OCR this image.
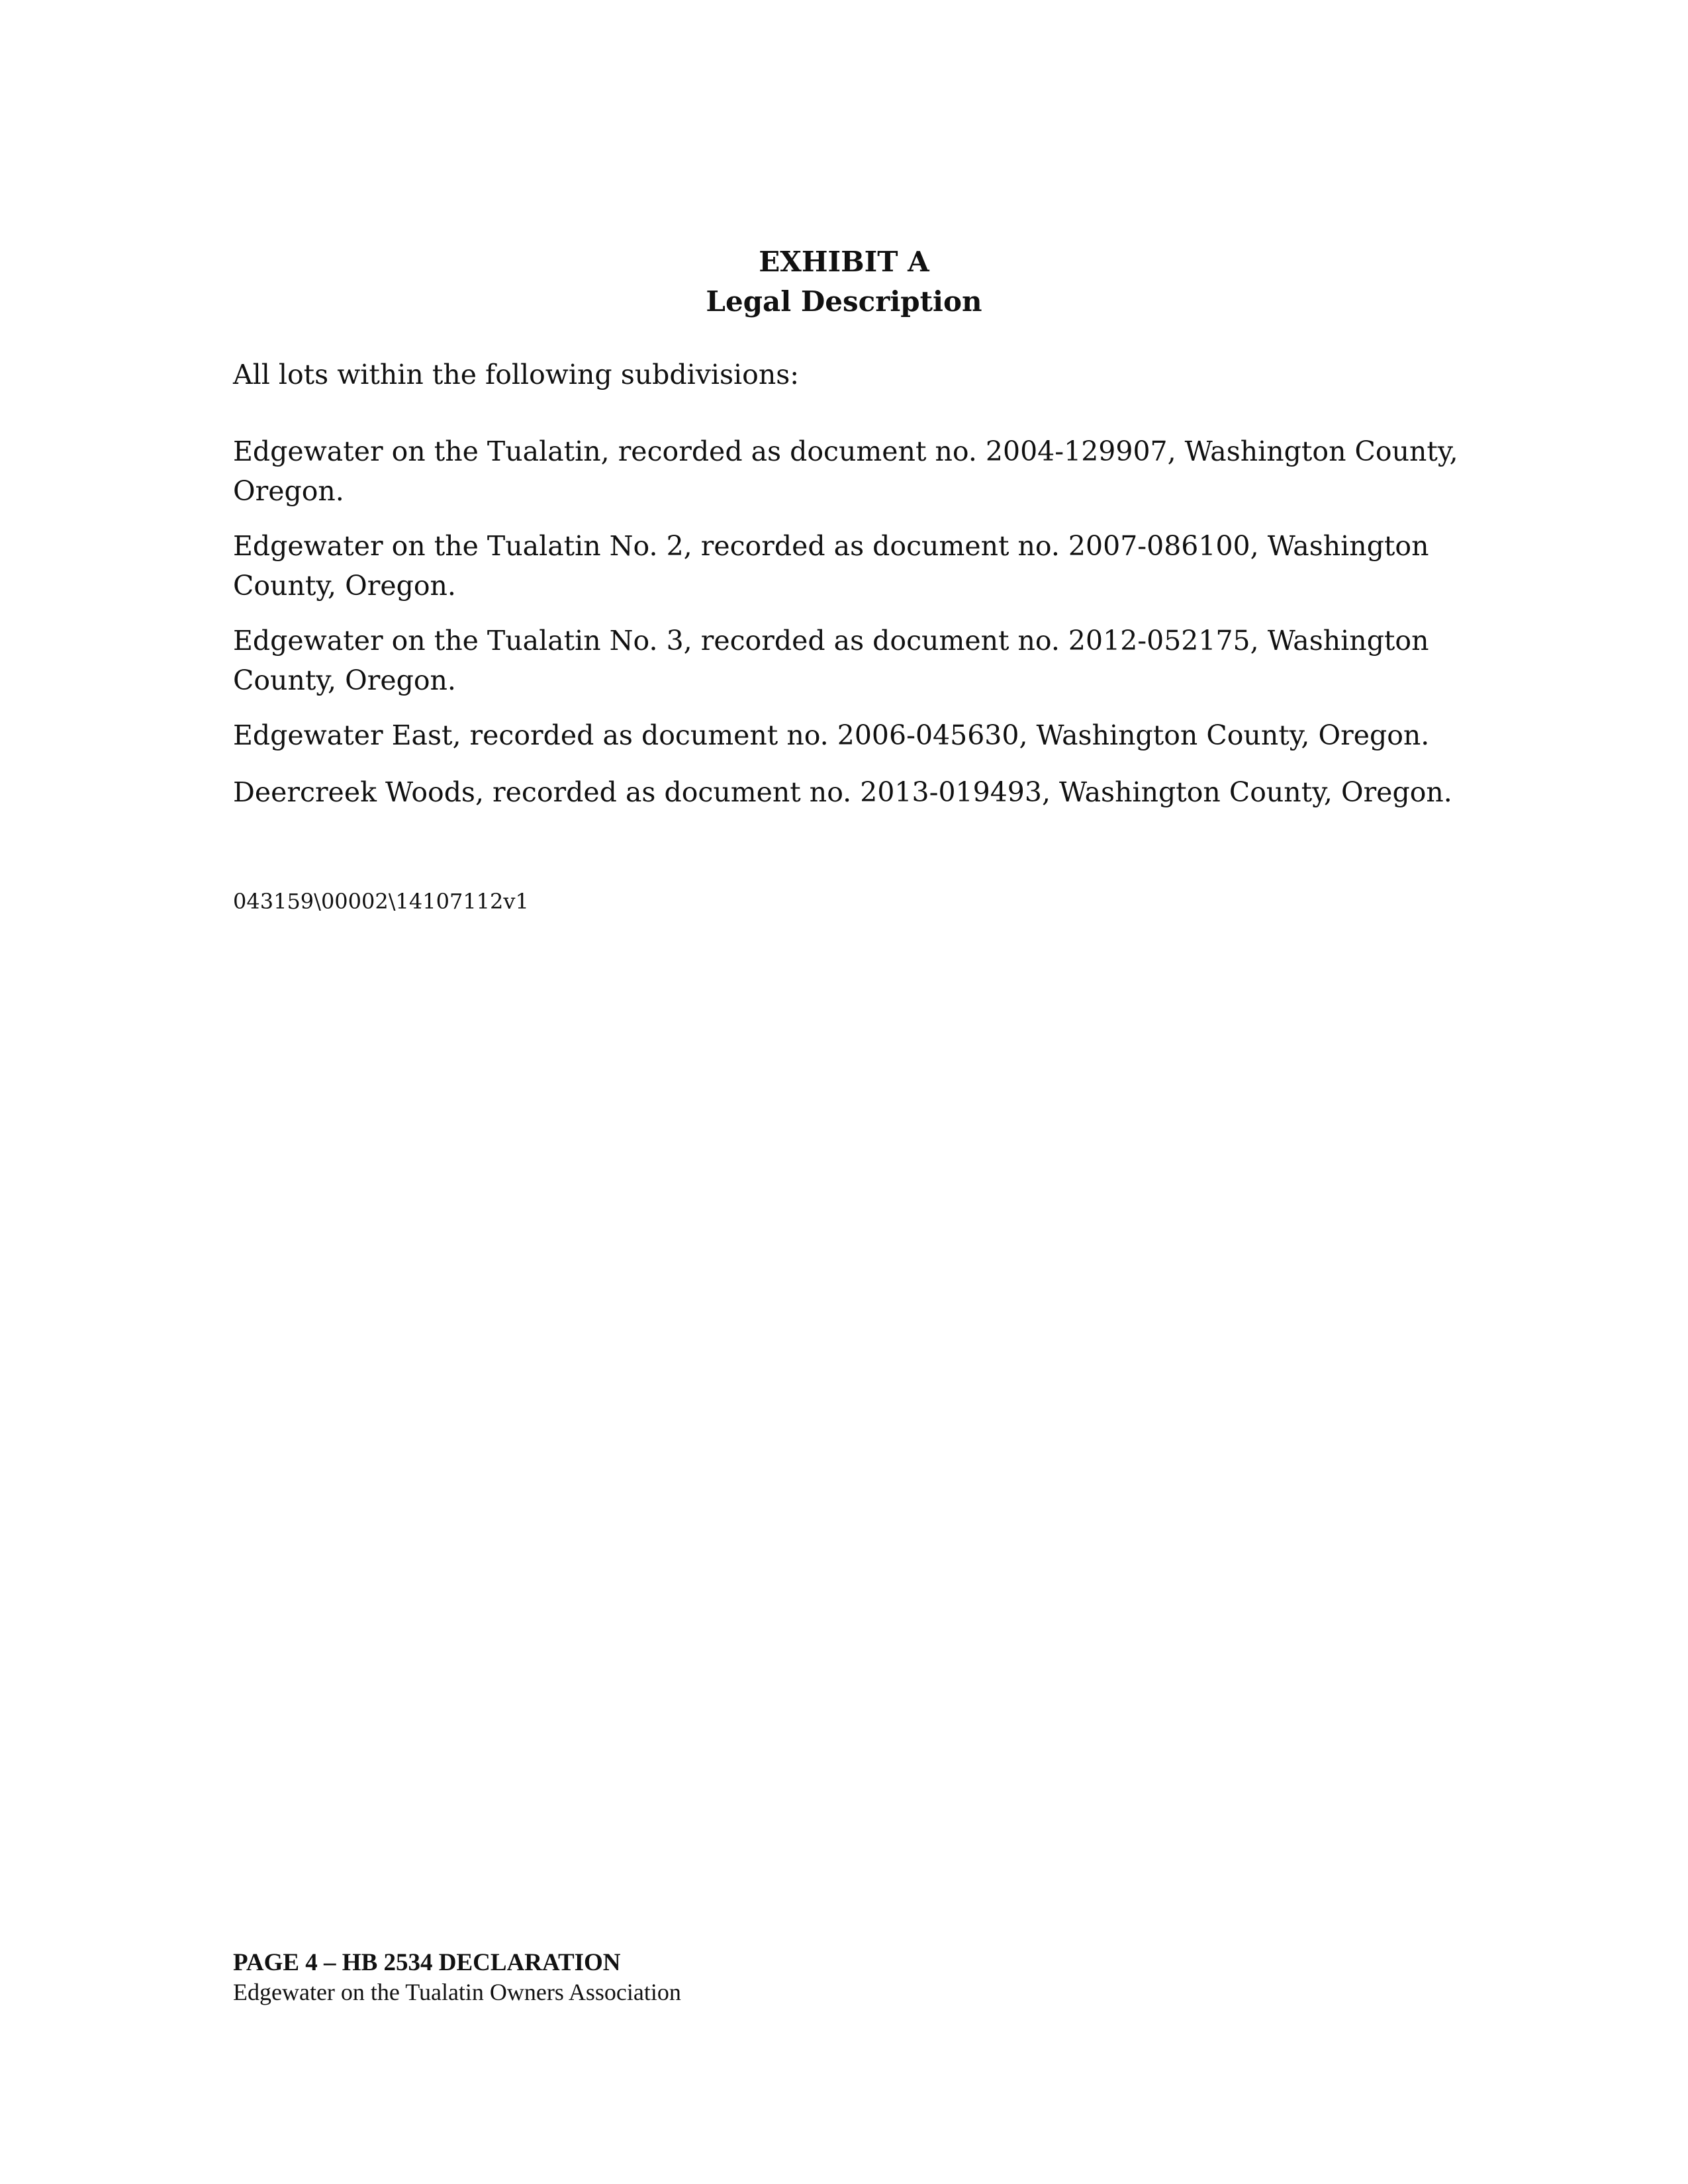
EXHIBIT A
Legal Description
All lots within the following subdivisions:
Edgewater on the Tualatin, recorded as document no. 2004-129907, Washington County, Oregon.
Edgewater on the Tualatin No. 2, recorded as document no. 2007-086100, Washington County, Oregon.
Edgewater on the Tualatin No. 3, recorded as document no. 2012-052175, Washington County, Oregon.
Edgewater East, recorded as document no. 2006-045630, Washington County, Oregon.
Deercreek Woods, recorded as document no. 2013-019493, Washington County, Oregon.
043159\00002\14107112v1
PAGE 4 – HB 2534 DECLARATION
Edgewater on the Tualatin Owners Association
